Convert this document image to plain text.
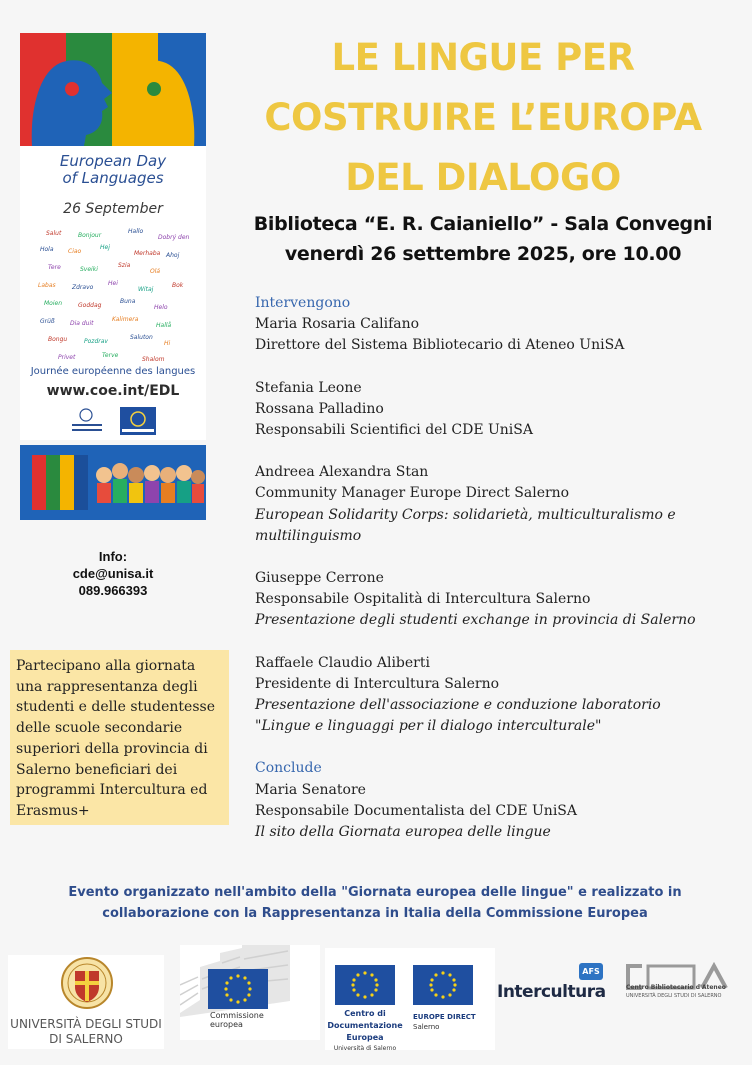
European Day
of Languages
26 September
Salut	Bonjour
Hallo
Dobrý den
Hola Ciao
Hej
Merhaba Ahoj
Tere	Sveiki
Szia
Olá
Labas	Zdravo
Hei
Witaj
Bok
Moien	Goddag
Buna
Helo
Grüß	Dia duit
Kalimera
Hallå
Bongu	Pozdrav
Saluton
Hi
Privet	Terve
Shalom
Journée européenne des langues
www.coe.int/EDL
Info:
cde@unisa.it
089.966393

Partecipano alla giornata

una rappresentanza degli

studenti e delle studentesse

delle scuole secondarie

superiori della provincia di

Salerno beneficiari dei

programmi Intercultura ed

Erasmus+

LE LINGUE PER
COSTRUIRE L’EUROPA
DEL DIALOGO
Biblioteca “E. R. Caianiello” - Sala Convegni
venerdì 26 settembre 2025, ore 10.00
Intervengono
Maria Rosaria Califano
Direttore del Sistema Bibliotecario di Ateneo UniSA
Stefania Leone
Rossana Palladino
Responsabili Scientifici del CDE UniSA
Andreea Alexandra Stan
Community Manager Europe Direct Salerno
European Solidarity Corps: solidarietà, multiculturalismo e
multilinguismo
Giuseppe Cerrone
Responsabile Ospitalità di Intercultura Salerno
Presentazione degli studenti exchange in provincia di Salerno
Raffaele Claudio Aliberti
Presidente di Intercultura Salerno
Presentazione dell'associazione e conduzione laboratorio
"Lingue e linguaggi per il dialogo interculturale"
Conclude
Maria Senatore
Responsabile Documentalista del CDE UniSA
Il sito della Giornata europea delle lingue
Evento organizzato nell'ambito della "Giornata europea delle lingue" e realizzato in
collaborazione con la Rappresentanza in Italia della Commissione Europea
UNIVERSITÀ DEGLI STUDI
DI SALERNO
Commissione
europea
Centro di
Documentazione
Europea
Università di Salerno
EUROPE DIRECT
Salerno
AFS
Intercultura	Centro Bibliotecario d'Ateneo
UNIVERSITÀ DEGLI STUDI DI SALERNO
